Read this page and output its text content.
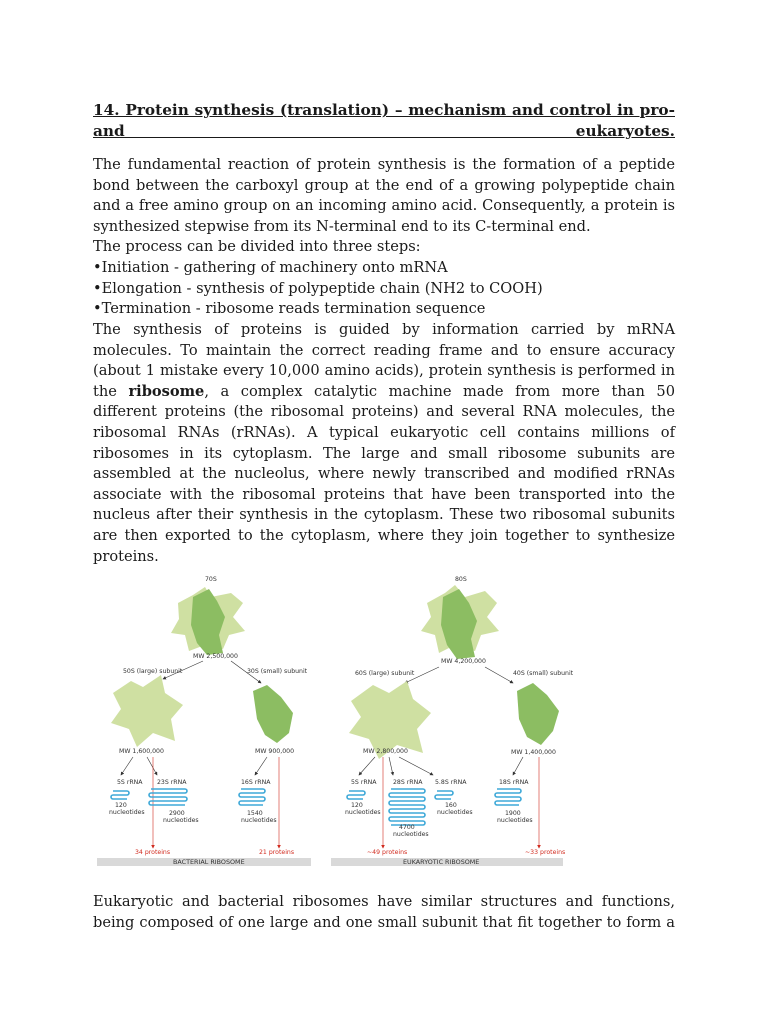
14. Protein synthesis (translation) – mechanism and control in pro- and eukaryotes.
The fundamental reaction of protein synthesis is the formation of a peptide
bond between the carboxyl group at the end of a growing polypeptide chain
and a free amino group on an incoming amino acid. Consequently, a protein is
synthesized stepwise from its N-terminal end to its C-terminal end.
The process can be divided into three steps:
•Initiation - gathering of machinery onto mRNA
•Elongation - synthesis of polypeptide chain (NH2 to COOH)
•Termination - ribosome reads termination sequence
The synthesis of proteins is guided by information carried by mRNA
molecules. To maintain the correct reading frame and to ensure accuracy
(about 1 mistake every 10,000 amino acids), protein synthesis is performed in
the ribosome, a complex catalytic machine made from more than 50
different proteins (the ribosomal proteins) and several RNA molecules, the
ribosomal RNAs (rRNAs). A typical eukaryotic cell contains millions of
ribosomes in its cytoplasm. The large and small ribosome subunits are
assembled at the nucleolus, where newly transcribed and modified rRNAs
associate with the ribosomal proteins that have been transported into the
nucleus after their synthesis in the cytoplasm. These two ribosomal subunits
are then exported to the cytoplasm, where they join together to synthesize
proteins.
70S
MW 2,500,000
50S (large) subunit	30S (small) subunit
MW 1,600,000	MW 900,000
5S rRNA
120
nucleotides
23S rRNA
2900
nucleotides
16S rRNA
1540
nucleotides
34 proteins	21 proteins
BACTERIAL RIBOSOME
80S
MW 4,200,000
60S (large) subunit	40S (small) subunit
MW 2,800,000	MW 1,400,000
5S rRNA
120
nucleotides
28S rRNA
4700
nucleotides
5.8S rRNA
160
nucleotides
18S rRNA
1900
nucleotides
~49 proteins	~33 proteins
EUKARYOTIC RIBOSOME
Eukaryotic and bacterial ribosomes have similar structures and functions,
being composed of one large and one small subunit that fit together to form a
